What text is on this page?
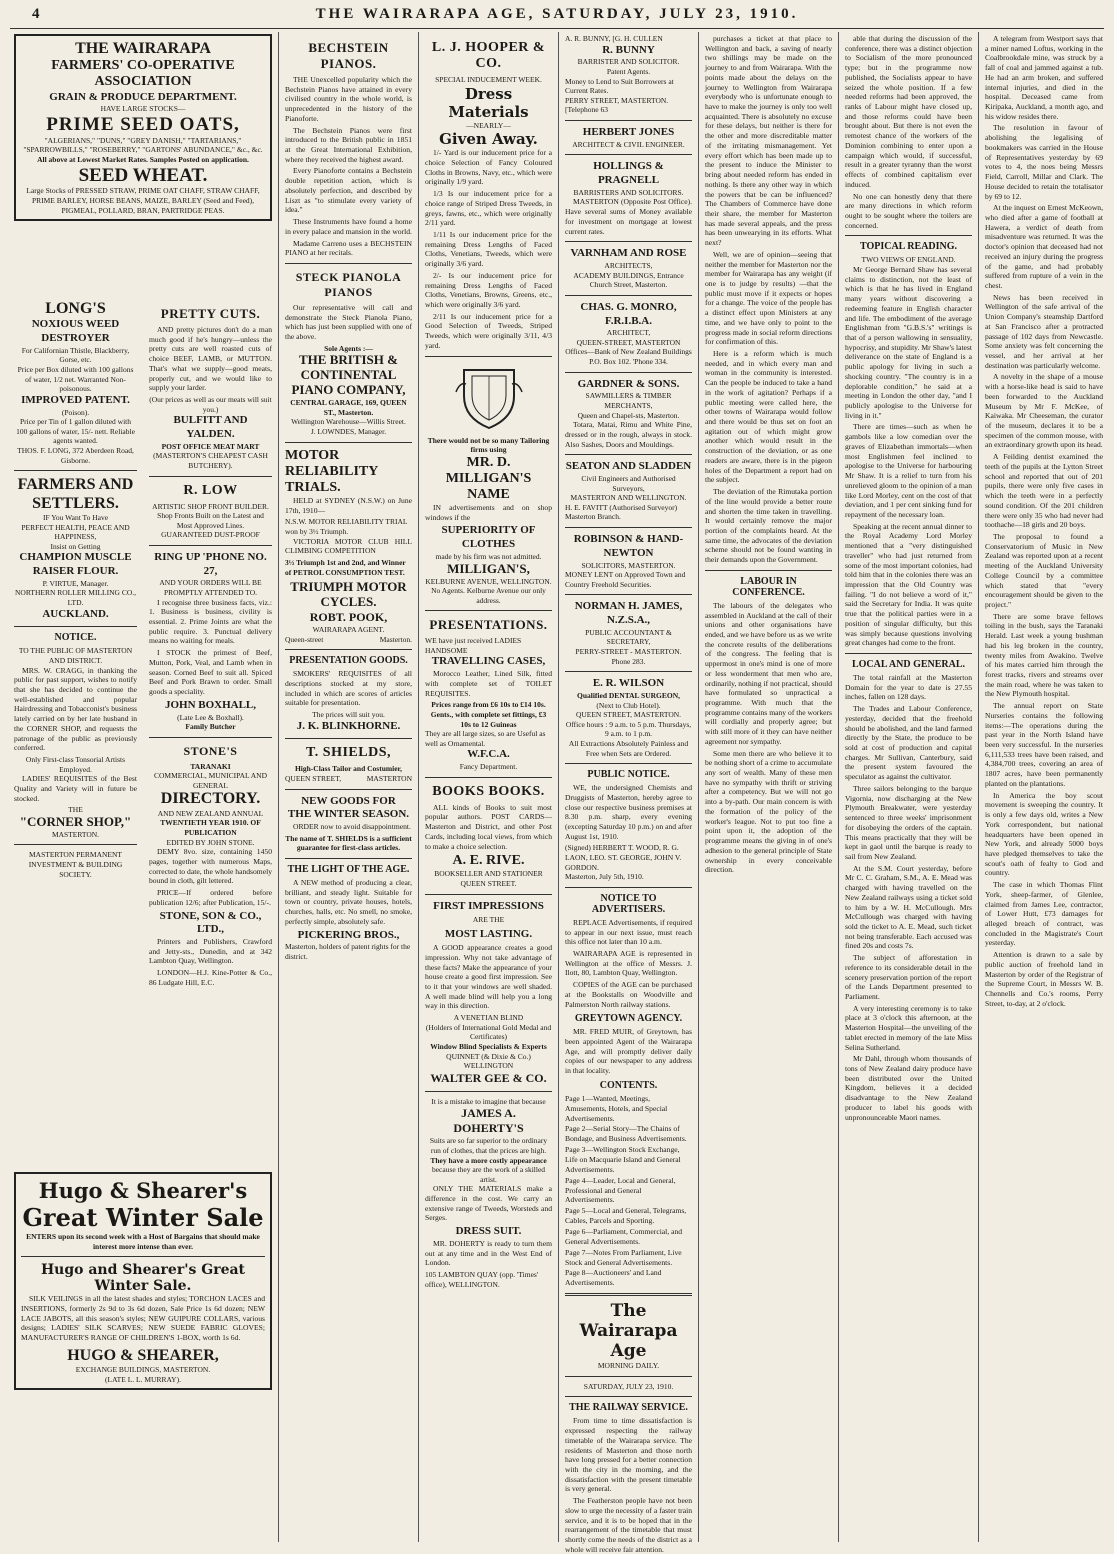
4	THE WAIRARAPA AGE, SATURDAY, JULY 23, 1910.
THE WAIRARAPA
FARMERS' CO-OPERATIVE ASSOCIATION
GRAIN & PRODUCE DEPARTMENT.
HAVE LARGE STOCKS—
PRIME SEED OATS,
"ALGERIANS," "DUNS," "GREY DANISH," "TARTARIANS," "SPARROWBILLS," "ROSEBERRY," "GARTONS' ABUNDANCE," &c., &c.
All above at Lowest Market Rates. Samples Posted on application.
SEED WHEAT.
Large Stocks of PRESSED STRAW, PRIME OAT CHAFF, STRAW CHAFF, PRIME BARLEY, HORSE BEANS, MAIZE, BARLEY (Seed and Feed), PIGMEAL, POLLARD, BRAN, PARTRIDGE PEAS.
LONG'S
NOXIOUS WEED DESTROYER
For Californian Thistle, Blackberry, Gorse, etc.
Price per Box diluted with 100 gallons of water, 1/2 net. Warranted Non-poisonous.
IMPROVED PATENT.
(Poison).
Price per Tin of 1 gallon diluted with 100 gallons of water, 15/- nett. Reliable agents wanted.
THOS. F. LONG, 372 Aberdeen Road, Gisborne.
FARMERS AND SETTLERS.
IF You Want To Have
PERFECT HEALTH, PEACE AND HAPPINESS,
Insist on Getting
CHAMPION MUSCLE RAISER FLOUR.
P. VIRTUE, Manager.
NORTHERN ROLLER MILLING CO., LTD.
AUCKLAND.
NOTICE.
TO THE PUBLIC OF MASTERTON AND DISTRICT.
MRS. W. CRAGG, in thanking the public for past support, wishes to notify that she has decided to continue the well-established and popular Hairdressing and Tobacconist's business lately carried on by her late husband in the CORNER SHOP, and requests the patronage of the public as previously conferred.
Only First-class Tonsorial Artists Employed.
LADIES' REQUISITES of the Best Quality and Variety will in future be stocked.
THE
"CORNER SHOP,"
MASTERTON.
MASTERTON PERMANENT INVESTMENT & BUILDING SOCIETY.
Hugo & Shearer's
Great Winter Sale
ENTERS upon its second week with a Host of Bargains that should make interest more intense than ever.
Hugo and Shearer's Great Winter Sale.
SILK VEILINGS in all the latest shades and styles; TORCHON LACES and INSERTIONS, formerly 2s 9d to 3s 6d dozen, Sale Price 1s 6d dozen; NEW LACE JABOTS, all this season's styles; NEW GUIPURE COLLARS, various designs; LADIES' SILK SCARVES; NEW SUEDE FABRIC GLOVES; MANUFACTURER'S RANGE OF CHILDREN'S 1-BOX, worth 1s 6d.
HUGO & SHEARER,
EXCHANGE BUILDINGS, MASTERTON.
(LATE L. L. MURRAY).
PRETTY CUTS.
AND pretty pictures don't do a man much good if he's hungry—unless the pretty cuts are well roasted cuts of choice BEEF, LAMB, or MUTTON. That's what we supply—good meats, properly cut, and we would like to supply your larder.
(Our prices as well as our meats will suit you.)
BULFITT AND YALDEN.
POST OFFICE MEAT MART
(MASTERTON'S CHEAPEST CASH BUTCHERY).
R. LOW
ARTISTIC SHOP FRONT BUILDER.
Shop Fronts Built on the Latest and Most Approved Lines.
GUARANTEED DUST-PROOF
RING UP 'PHONE NO. 27,
AND YOUR ORDERS WILL BE PROMPTLY ATTENDED TO.
I recognise three business facts, viz.: 1. Business is business, civility is essential. 2. Prime Joints are what the public require. 3. Punctual delivery means no waiting for meals.
I STOCK the primest of Beef, Mutton, Pork, Veal, and Lamb when in season. Corned Beef to suit all. Spiced Beef and Pork Brawn to order. Small goods a speciality.
JOHN BOXHALL,
(Late Lee & Boxhall).
Family Butcher
STONE'S
TARANAKI
COMMERCIAL, MUNICIPAL AND GENERAL
DIRECTORY.
AND NEW ZEALAND ANNUAL
TWENTIETH YEAR 1910. OF PUBLICATION
EDITED BY JOHN STONE.
DEMY 8vo. size, containing 1450 pages, together with numerous Maps, corrected to date, the whole handsomely bound in cloth, gilt lettered.
PRICE—If ordered before publication 12/6; after Publication, 15/-.
STONE, SON & CO., LTD.,
Printers and Publishers, Crawford and Jetty-sts., Dunedin, and at 342 Lambton Quay, Wellington.
LONDON—H.J. Kine-Potter & Co., 86 Ludgate Hill, E.C.
BECHSTEIN PIANOS.
THE Unexcelled popularity which the Bechstein Pianos have attained in every civilised country in the whole world, is unprecedented in the history of the Pianoforte.
The Bechstein Pianos were first introduced to the British public in 1851 at the Great International Exhibition, where they received the highest award.
Every Pianoforte contains a Bechstein double repetition action, which is absolutely perfection, and described by Liszt as "to stimulate every variety of idea."
These Instruments have found a home in every palace and mansion in the world.
Madame Carreno uses a BECHSTEIN PIANO at her recitals.
STECK PIANOLA PIANOS
Our representative will call and demonstrate the Steck Pianola Piano, which has just been supplied with one of the above.
Sole Agents :—
THE BRITISH & CONTINENTAL PIANO COMPANY,
CENTRAL GARAGE, 169, QUEEN ST., Masterton.
Wellington Warehouse—Willis Street.
J. LOWNDES, Manager.
MOTOR RELIABILITY TRIALS.
HELD at SYDNEY (N.S.W.) on June 17th, 1910—
N.S.W. MOTOR RELIABILITY TRIAL won by 3½ Triumph.
VICTORIA MOTOR CLUB HILL CLIMBING COMPETITION
3½ Triumph 1st and 2nd, and Winner of PETROL CONSUMPTION TEST.
TRIUMPH MOTOR CYCLES.
ROBT. POOK,
WAIRARAPA AGENT.
Queen-street	Masterton.
PRESENTATION GOODS.
SMOKERS' REQUISITES of all descriptions stocked at my store, included in which are scores of articles suitable for presentation.
The prices will suit you.
J. K. BLINKHORNE.
T. SHIELDS,
High-Class Tailor and Costumier,
QUEEN STREET,	MASTERTON
NEW GOODS FOR
THE WINTER SEASON.
ORDER now to avoid disappointment.
The name of T. SHIELDS is a sufficient guarantee for first-class articles.
THE LIGHT OF THE AGE.
A NEW method of producing a clear, brilliant, and steady light. Suitable for town or country, private houses, hotels, churches, halls, etc. No smell, no smoke, perfectly simple, absolutely safe.
PICKERING BROS.,
Masterton, holders of patent rights for the district.
L. J. HOOPER & CO.
SPECIAL INDUCEMENT WEEK.
Dress Materials
—NEARLY—
Given Away.
1/- Yard is our inducement price for a choice Selection of Fancy Coloured Cloths in Browns, Navy, etc., which were originally 1/9 yard.
1/3 Is our inducement price for a choice range of Striped Dress Tweeds, in greys, fawns, etc., which were originally 2/11 yard.
1/11 Is our inducement price for the remaining Dress Lengths of Faced Cloths, Venetians, Tweeds, which were originally 3/6 yard.
2/- Is our inducement price for remaining Dress Lengths of Faced Cloths, Venetians, Browns, Greens, etc., which were originally 3/6 yard.
2/11 Is our inducement price for a Good Selection of Tweeds, Striped Tweeds, which were originally 3/11, 4/3 yard.
There would not be so many Tailoring firms using
MR. D. MILLIGAN'S NAME
IN advertisements and on shop windows if the
SUPERIORITY OF CLOTHES
made by his firm was not admitted.
MILLIGAN'S,
KELBURNE AVENUE, WELLINGTON.
No Agents. Kelburne Avenue our only address.
PRESENTATIONS.
WE have just received LADIES HANDSOME
TRAVELLING CASES,
Morocco Leather, Lined Silk, fitted with complete set of TOILET REQUISITES.
Prices range from £6 10s to £14 10s.
Gents., with complete set fittings, £3 10s to 12 Guineas
They are all large sizes, so are Useful as well as Ornamental.
W.F.C.A.
Fancy Department.
BOOKS BOOKS.
ALL kinds of Books to suit most popular authors. POST CARDS—Masterton and District, and other Post Cards, including local views, from which to make a choice selection.
A. E. RIVE.
BOOKSELLER AND STATIONER QUEEN STREET.
FIRST IMPRESSIONS
ARE THE
MOST LASTING.
A GOOD appearance creates a good impression. Why not take advantage of these facts? Make the appearance of your house create a good first impression. See to it that your windows are well shaded. A well made blind will help you a long way in this direction.
A VENETIAN BLIND
(Holders of International Gold Medal and Certificates)
Window Blind Specialists & Experts
QUINNET (& Dixie & Co.) WELLINGTON
WALTER GEE & CO.
It is a mistake to imagine that because
JAMES A. DOHERTY'S
Suits are so far superior to the ordinary run of clothes, that the prices are high.
They have a more costly appearance
because they are the work of a skilled artist.
ONLY THE MATERIALS make a difference in the cost. We carry an extensive range of Tweeds, Worsteds and Serges.
DRESS SUIT.
MR. DOHERTY is ready to turn them out at any time and in the West End of London.
105 LAMBTON QUAY (opp. 'Times' office), WELLINGTON.
A. R. BUNNY, [G. H. CULLEN
R. BUNNY
BARRISTER AND SOLICITOR.
Patent Agents.
Money to Lend to Suit Borrowers at Current Rates.
PERRY STREET, MASTERTON. [Telephone 63
HERBERT JONES
ARCHITECT & CIVIL ENGINEER.
HOLLINGS & PRAGNELL
BARRISTERS AND SOLICITORS.
MASTERTON (Opposite Post Office). Have several sums of Money available for investment on mortgage at lowest current rates.
VARNHAM AND ROSE
ARCHITECTS,
ACADEMY BUILDINGS, Entrance Church Street, Masterton.
CHAS. G. MONRO, F.R.I.B.A.
ARCHITECT,
QUEEN-STREET, MASTERTON
Offices—Bank of New Zealand Buildings P.O. Box 102. 'Phone 334.
GARDNER & SONS.
SAWMILLERS & TIMBER MERCHANTS,
Queen and Chapel-sts, Masterton.
Totara, Matai, Rimu and White Pine, dressed or in the rough, always in stock. Also Sashes, Doors and Mouldings.
SEATON AND SLADDEN
Civil Engineers and Authorised Surveyors,
MASTERTON AND WELLINGTON.
H. E. FAVITT (Authorised Surveyor) Masterton Branch.
ROBINSON & HAND-NEWTON
SOLICITORS, MASTERTON.
MONEY LENT on Approved Town and Country Freehold Securities.
NORMAN H. JAMES, N.Z.S.A.,
PUBLIC ACCOUNTANT & SECRETARY,
PERRY-STREET - MASTERTON.
Phone 283.
E. R. WILSON
Qualified DENTAL SURGEON,
(Next to Club Hotel).
QUEEN STREET, MASTERTON.
Office hours : 9 a.m. to 5 p.m. Thursdays, 9 a.m. to 1 p.m.
All Extractions Absolutely Painless and Free when Sets are Ordered.
PUBLIC NOTICE.
WE, the undersigned Chemists and Druggists of Masterton, hereby agree to close our respective business premises at 8.30 p.m. sharp, every evening (excepting Saturday 10 p.m.) on and after August 1st, 1910.
(Signed) HERBERT T. WOOD, R. G. LAON, LEO. ST. GEORGE, JOHN V. GORDON.
Masterton, July 5th, 1910.
NOTICE TO ADVERTISERS.
REPLACE Advertisements, if required to appear in our next issue, must reach this office not later than 10 a.m.
WAIRARAPA AGE is represented in Wellington at the office of Messrs. J. Ilott, 80, Lambton Quay, Wellington.
COPIES of the AGE can be purchased at the Bookstalls on Woodville and Palmerston North railway stations.
GREYTOWN AGENCY.
MR. FRED MUIR, of Greytown, has been appointed Agent of the Wairarapa Age, and will promptly deliver daily copies of our newspaper to any address in that locality.
CONTENTS.
Page 1—Wanted, Meetings, Amusements, Hotels, and Special Advertisements.
Page 2—Serial Story—The Chains of Bondage, and Business Advertisements.
Page 3—Wellington Stock Exchange, Life on Macquarie Island and General Advertisements.
Page 4—Leader, Local and General, Professional and General Advertisements.
Page 5—Local and General, Telegrams, Cables, Parcels and Sporting.
Page 6—Parliament, Commercial, and General Advertisements.
Page 7—Notes From Parliament, Live Stock and General Advertisements.
Page 8—Auctioneers' and Land Advertisements.
The Wairarapa Age
MORNING DAILY.
SATURDAY, JULY 23, 1910.
THE RAILWAY SERVICE.
From time to time dissatisfaction is expressed respecting the railway timetable of the Wairarapa service. The residents of Masterton and those north have long pressed for a better connection with the city in the morning, and the dissatisfaction with the present timetable is very general.
The Featherston people have not been slow to urge the necessity of a faster train service, and it is to be hoped that in the rearrangement of the timetable that must shortly come the needs of the district as a whole will receive fair attention.
purchases a ticket at that place to Wellington and back, a saving of nearly two shillings may be made on the journey to and from Wairarapa. With the points made about the delays on the journey to Wellington from Wairarapa everybody who is unfortunate enough to have to make the journey is only too well acquainted. There is absolutely no excuse for these delays, but neither is there for the other and more discreditable matter of the irritating mismanagement. Yet every effort which has been made up to the present to induce the Minister to bring about needed reform has ended in nothing. Is there any other way in which the powers that be can be influenced? The Chambers of Commerce have done their share, the member for Masterton has made several appeals, and the press has been unwearying in its efforts. What next?
Well, we are of opinion—seeing that neither the member for Masterton nor the member for Wairarapa has any weight (if one is to judge by results) —that the public must move if it expects or hopes for a change. The voice of the people has a distinct effect upon Ministers at any time, and we have only to point to the progress made in social reform directions for confirmation of this.
Here is a reform which is much needed, and in which every man and woman in the community is interested. Can the people be induced to take a hand in the work of agitation? Perhaps if a public meeting were called here, the other towns of Wairarapa would follow and there would be thus set on foot an agitation out of which might grow another which would result in the construction of the deviation, or as one readers are aware, there is in the pigeon holes of the Department a report had on the subject.
The deviation of the Rimutaka portion of the line would provide a better route and shorten the time taken in travelling. It would certainly remove the major portion of the complaints heard. At the same time, the advocates of the deviation scheme should not be found wanting in their demands upon the Government.
LABOUR IN CONFERENCE.
The labours of the delegates who assembled in Auckland at the call of their unions and other organisations have ended, and we have before us as we write the concrete results of the deliberations of the congress. The feeling that is uppermost in one's mind is one of more or less wonderment that men who are, ordinarily, nothing if not practical, should have formulated so unpractical a programme. With much that the programme contains many of the workers will cordially and properly agree; but with still more of it they can have neither agreement nor sympathy.
Some men there are who believe it to be nothing short of a crime to accumulate any sort of wealth. Many of these men have no sympathy with thrift or striving after a competency. But we will not go into a by-path. Our main concern is with the formation of the policy of the worker's league. Not to put too fine a point upon it, the adoption of the programme means the giving in of one's adhesion to the general principle of State ownership in every conceivable direction.
able that during the discussion of the conference, there was a distinct objection to Socialism of the more pronounced type; but in the programme now published, the Socialists appear to have seized the whole position. If a few needed reforms had been approved, the ranks of Labour might have closed up, and those reforms could have been brought about. But there is not even the remotest chance of the workers of the Dominion combining to enter upon a campaign which would, if successful, result in a greater tyranny than the worst effects of combined capitalism ever induced.
No one can honestly deny that there are many directions in which reform ought to be sought where the toilers are concerned.
TOPICAL READING.
TWO VIEWS OF ENGLAND.
Mr George Bernard Shaw has several claims to distinction, not the least of which is that he has lived in England many years without discovering a redeeming feature in English character and life. The embodiment of the average Englishman from "G.B.S.'s" writings is that of a person wallowing in sensuality, hypocrisy, and stupidity. Mr Shaw's latest deliverance on the state of England is a public apology for living in such a shocking country. "The country is in a deplorable condition," he said at a meeting in London the other day, "and I publicly apologise to the Universe for living in it."
There are times—such as when he gambols like a low comedian over the graves of Elizabethan immortals—when most Englishmen feel inclined to apologise to the Universe for harbouring Mr Shaw. It is a relief to turn from his unrelieved gloom to the opinion of a man like Lord Morley, cent on the cost of that deviation, and 1 per cent sinking fund for repayment of the necessary loan.
Speaking at the recent annual dinner to the Royal Academy Lord Morley mentioned that a "very distinguished traveller" who had just returned from some of the most important colonies, had told him that in the colonies there was an impression that the Old Country was failing. "I do not believe a word of it," said the Secretary for India. It was quite true that the political parties were in a position of singular difficulty, but this was simply because questions involving great changes had come to the front.
LOCAL AND GENERAL.
The total rainfall at the Masterton Domain for the year to date is 27.55 inches, fallen on 128 days.
The Trades and Labour Conference, yesterday, decided that the freehold should be abolished, and the land farmed directly by the State, the produce to be sold at cost of production and capital charges. Mr Sullivan, Canterbury, said the present system favoured the speculator as against the cultivator.
Three sailors belonging to the barque Vigornia, now discharging at the New Plymouth Breakwater, were yesterday sentenced to three weeks' imprisonment for disobeying the orders of the captain. This means practically that they will be kept in gaol until the barque is ready to sail from New Zealand.
At the S.M. Court yesterday, before Mr C. C. Graham, S.M., A. E. Mead was charged with having travelled on the New Zealand railways using a ticket sold to him by a W. H. McCullough. Mrs McCullough was charged with having sold the ticket to A. E. Mead, such ticket not being transferable. Each accused was fined 20s and costs 7s.
The subject of afforestation in reference to its considerable detail in the scenery preservation portion of the report of the Lands Department presented to Parliament.
A very interesting ceremony is to take place at 3 o'clock this afternoon, at the Masterton Hospital—the unveiling of the tablet erected in memory of the late Miss Selina Sutherland.
Mr Dahl, through whom thousands of tons of New Zealand dairy produce have been distributed over the United Kingdom, believes it a decided disadvantage to the New Zealand producer to label his goods with unpronounceable Maori names.
A telegram from Westport says that a miner named Loftus, working in the Coalbrookdale mine, was struck by a fall of coal and jammed against a tub. He had an arm broken, and suffered internal injuries, and died in the hospital. Deceased came from Kiripaka, Auckland, a month ago, and his widow resides there.
The resolution in favour of abolishing the legalising of bookmakers was carried in the House of Representatives yesterday by 69 votes to 4, the noes being Messrs Field, Carroll, Millar and Clark. The House decided to retain the totalisator by 69 to 12.
At the inquest on Ernest McKeown, who died after a game of football at Hawera, a verdict of death from misadventure was returned. It was the doctor's opinion that deceased had not received an injury during the progress of the game, and had probably suffered from rupture of a vein in the chest.
News has been received in Wellington of the safe arrival of the Union Company's steamship Dartford at San Francisco after a protracted passage of 102 days from Newcastle. Some anxiety was felt concerning the vessel, and her arrival at her destination was particularly welcome.
A novelty in the shape of a mouse with a horse-like head is said to have been forwarded to the Auckland Museum by Mr F. McKee, of Kaiwaka. Mr Cheeseman, the curator of the museum, declares it to be a specimen of the common mouse, with an extraordinary growth upon its head.
A Feilding dentist examined the teeth of the pupils at the Lytton Street school and reported that out of 201 pupils, there were only five cases in which the teeth were in a perfectly sound condition. Of the 201 children there were only 35 who had never had toothache—18 girls and 20 boys.
The proposal to found a Conservatorium of Music in New Zealand was reported upon at a recent meeting of the Auckland University College Council by a committee which stated that "every encouragement should be given to the project."
There are some brave fellows toiling in the bush, says the Taranaki Herald. Last week a young bushman had his leg broken in the country, twenty miles from Awakino. Twelve of his mates carried him through the forest tracks, rivers and streams over the main road, where he was taken to the New Plymouth hospital.
The annual report on State Nurseries contains the following items:—The operations during the past year in the North Island have been very successful. In the nurseries 6,111,533 trees have been raised, and 4,384,700 trees, covering an area of 1807 acres, have been permanently planted on the plantations.
In America the boy scout movement is sweeping the country. It is only a few days old, writes a New York correspondent, but national headquarters have been opened in New York, and already 5000 boys have pledged themselves to take the scout's oath of fealty to God and country.
The case in which Thomas Flint York, sheep-farmer, of Glenlee, claimed from James Lee, contractor, of Lower Hutt, £73 damages for alleged breach of contract, was concluded in the Magistrate's Court yesterday.
Attention is drawn to a sale by public auction of freehold land in Masterton by order of the Registrar of the Supreme Court, in Messrs W. B. Chennells and Co.'s rooms, Perry Street, to-day, at 2 o'clock.
